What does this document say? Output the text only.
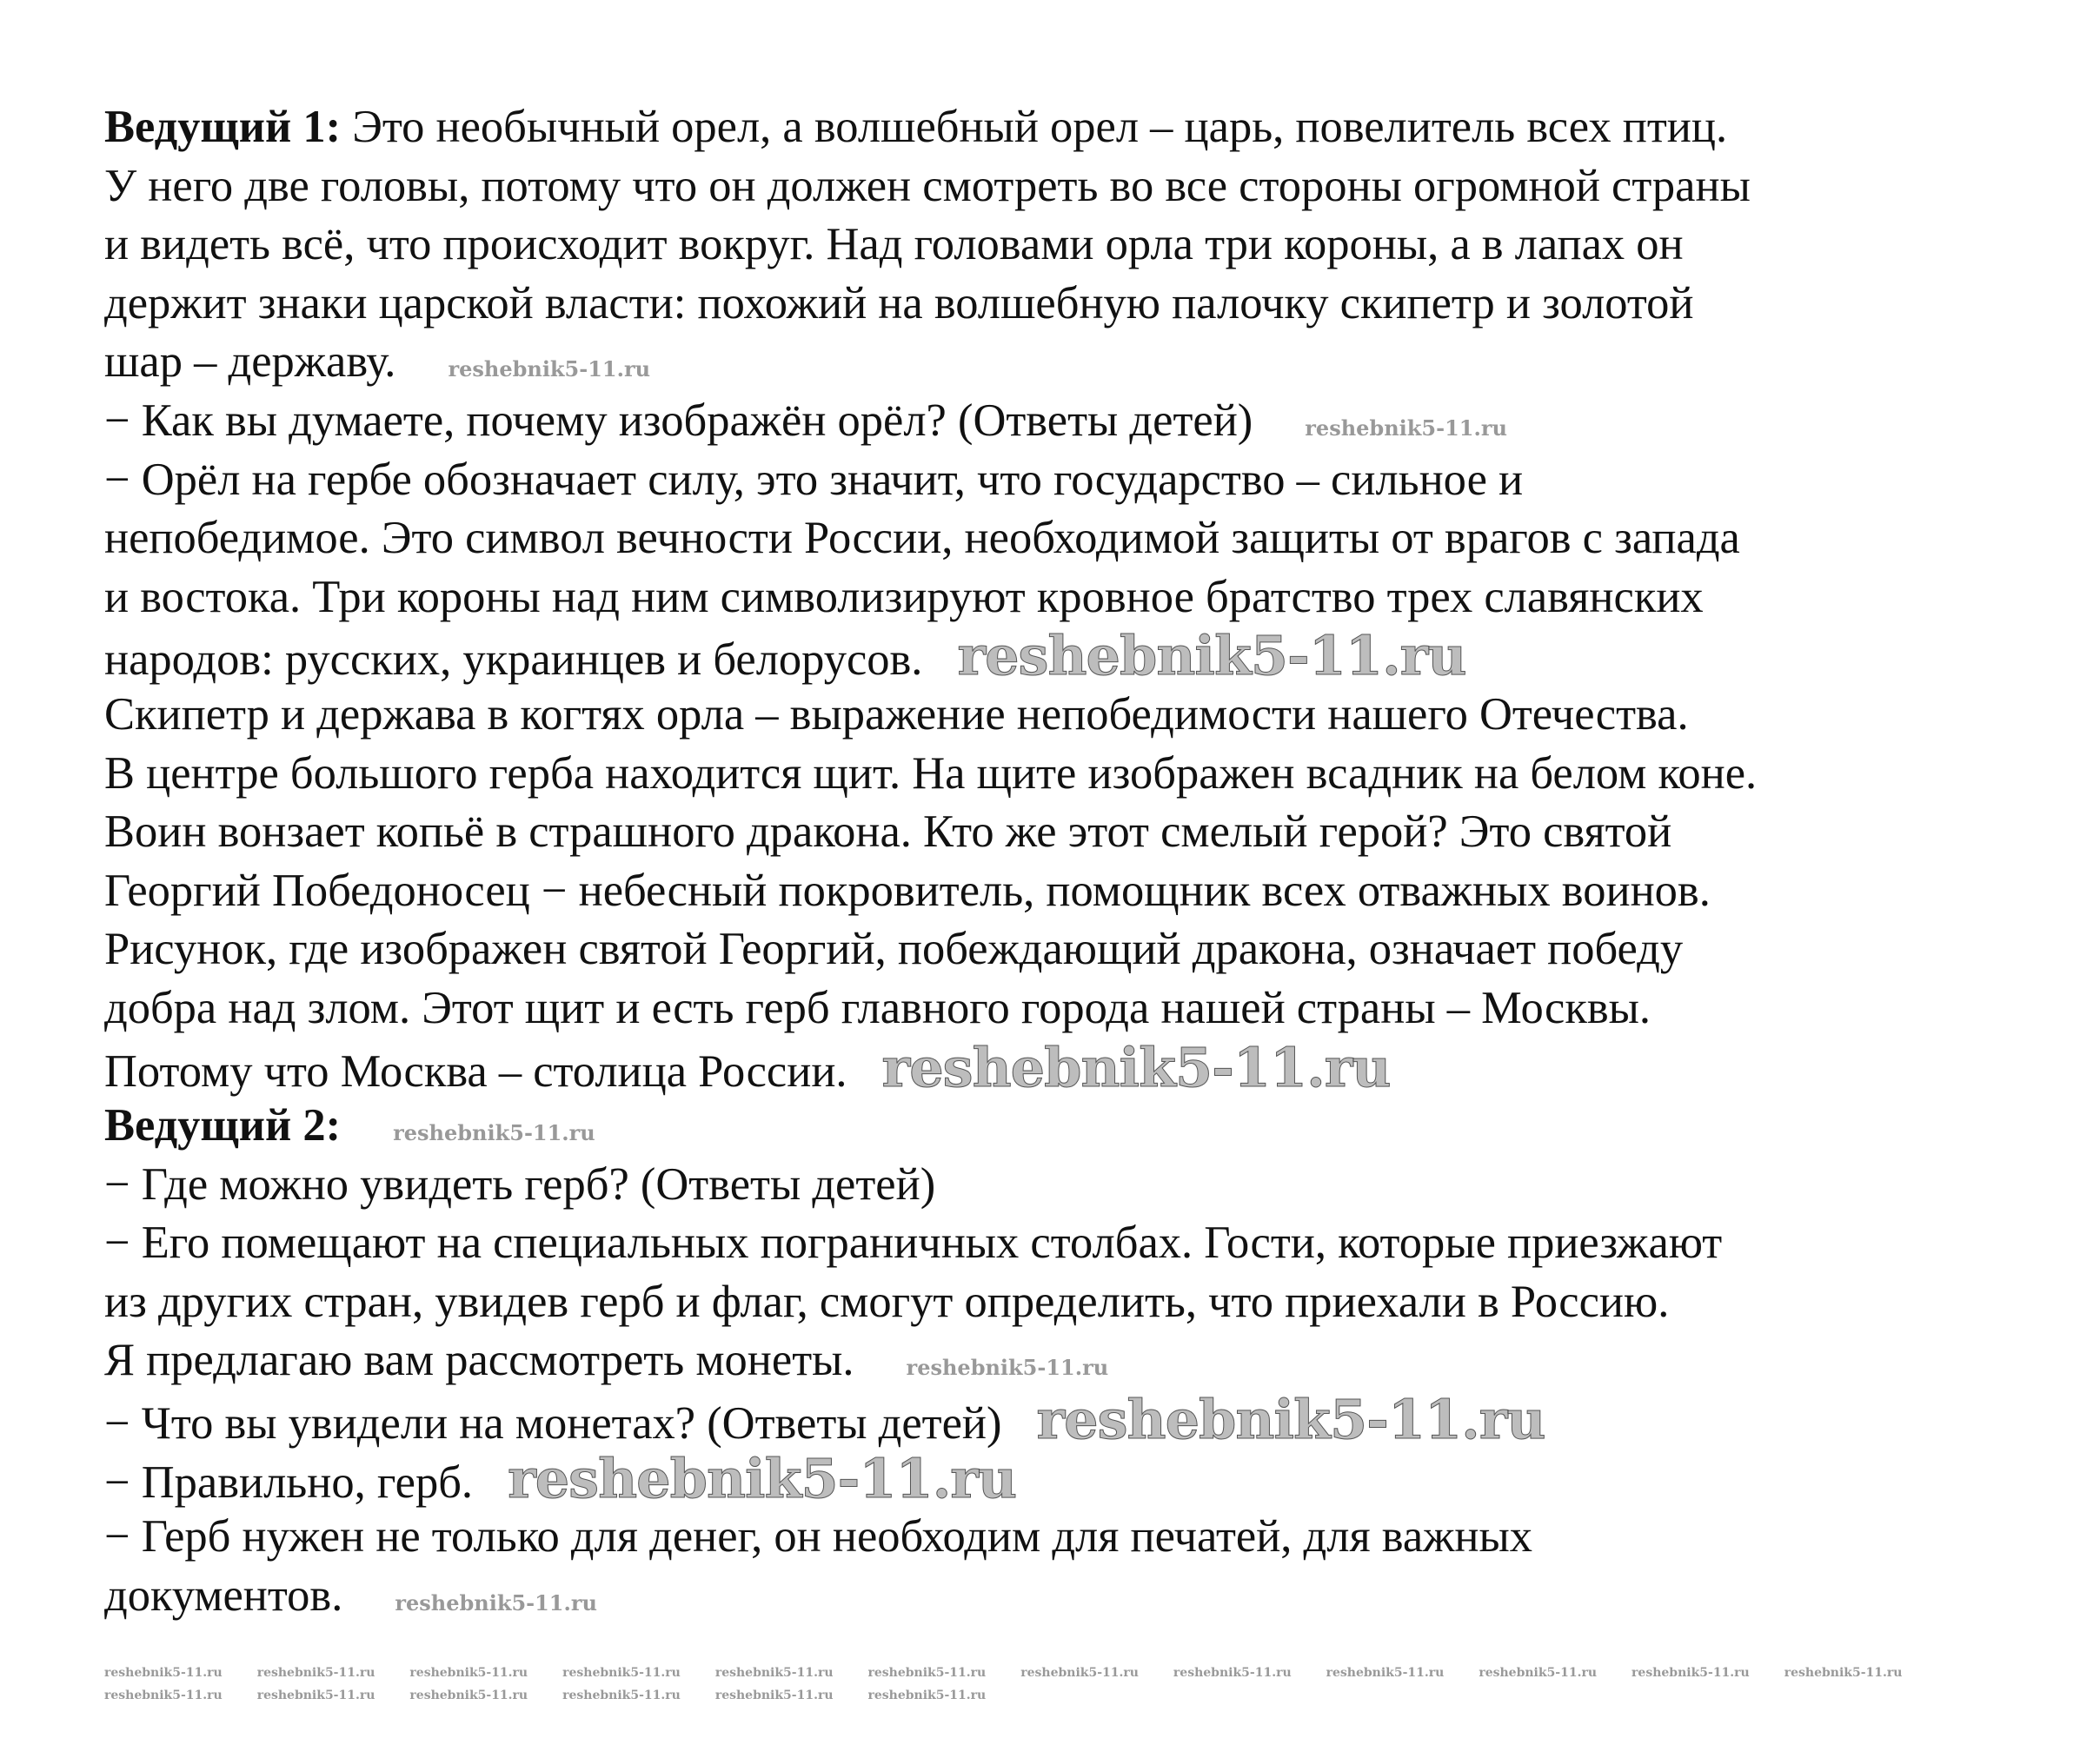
Ведущий 1: Это необычный орел, а волшебный орел – царь, повелитель всех птиц.
У него две головы, потому что он должен смотреть во все стороны огромной страны
и видеть всё, что происходит вокруг. Над головами орла три короны, а в лапах он
держит знаки царской власти: похожий на волшебную палочку скипетр и золотой
шар – державу.	reshebnik5-11.ru
− Как вы думаете, почему изображён орёл? (Ответы детей)	reshebnik5-11.ru
− Орёл на гербе обозначает силу, это значит, что государство – сильное и
непобедимое. Это символ вечности России, необходимой защиты от врагов с запада
и востока. Три короны над ним символизируют кровное братство трех славянских
народов: русских, украинцев и белорусов. reshebnik5-11.ru
Скипетр и держава в когтях орла – выражение непобедимости нашего Отечества.
В центре большого герба находится щит. На щите изображен всадник на белом коне.
Воин вонзает копьё в страшного дракона. Кто же этот смелый герой? Это святой
Георгий Победоносец − небесный покровитель, помощник всех отважных воинов.
Рисунок, где изображен святой Георгий, побеждающий дракона, означает победу
добра над злом. Этот щит и есть герб главного города нашей страны – Москвы.
Потому что Москва – столица России. reshebnik5-11.ru
Ведущий 2:	reshebnik5-11.ru
− Где можно увидеть герб? (Ответы детей)
− Его помещают на специальных пограничных столбах. Гости, которые приезжают
из других стран, увидев герб и флаг, смогут определить, что приехали в Россию.
Я предлагаю вам рассмотреть монеты.	reshebnik5-11.ru
− Что вы увидели на монетах? (Ответы детей) reshebnik5-11.ru
− Правильно, герб. reshebnik5-11.ru
− Герб нужен не только для денег, он необходим для печатей, для важных
документов.	reshebnik5-11.ru
reshebnik5-11.ru	reshebnik5-11.ru	reshebnik5-11.ru	reshebnik5-11.ru	reshebnik5-11.ru	reshebnik5-11.ru	reshebnik5-11.ru	reshebnik5-11.ru	reshebnik5-11.ru	reshebnik5-11.ru	reshebnik5-11.ru	reshebnik5-11.ru
reshebnik5-11.ru	reshebnik5-11.ru	reshebnik5-11.ru	reshebnik5-11.ru	reshebnik5-11.ru	reshebnik5-11.ru
